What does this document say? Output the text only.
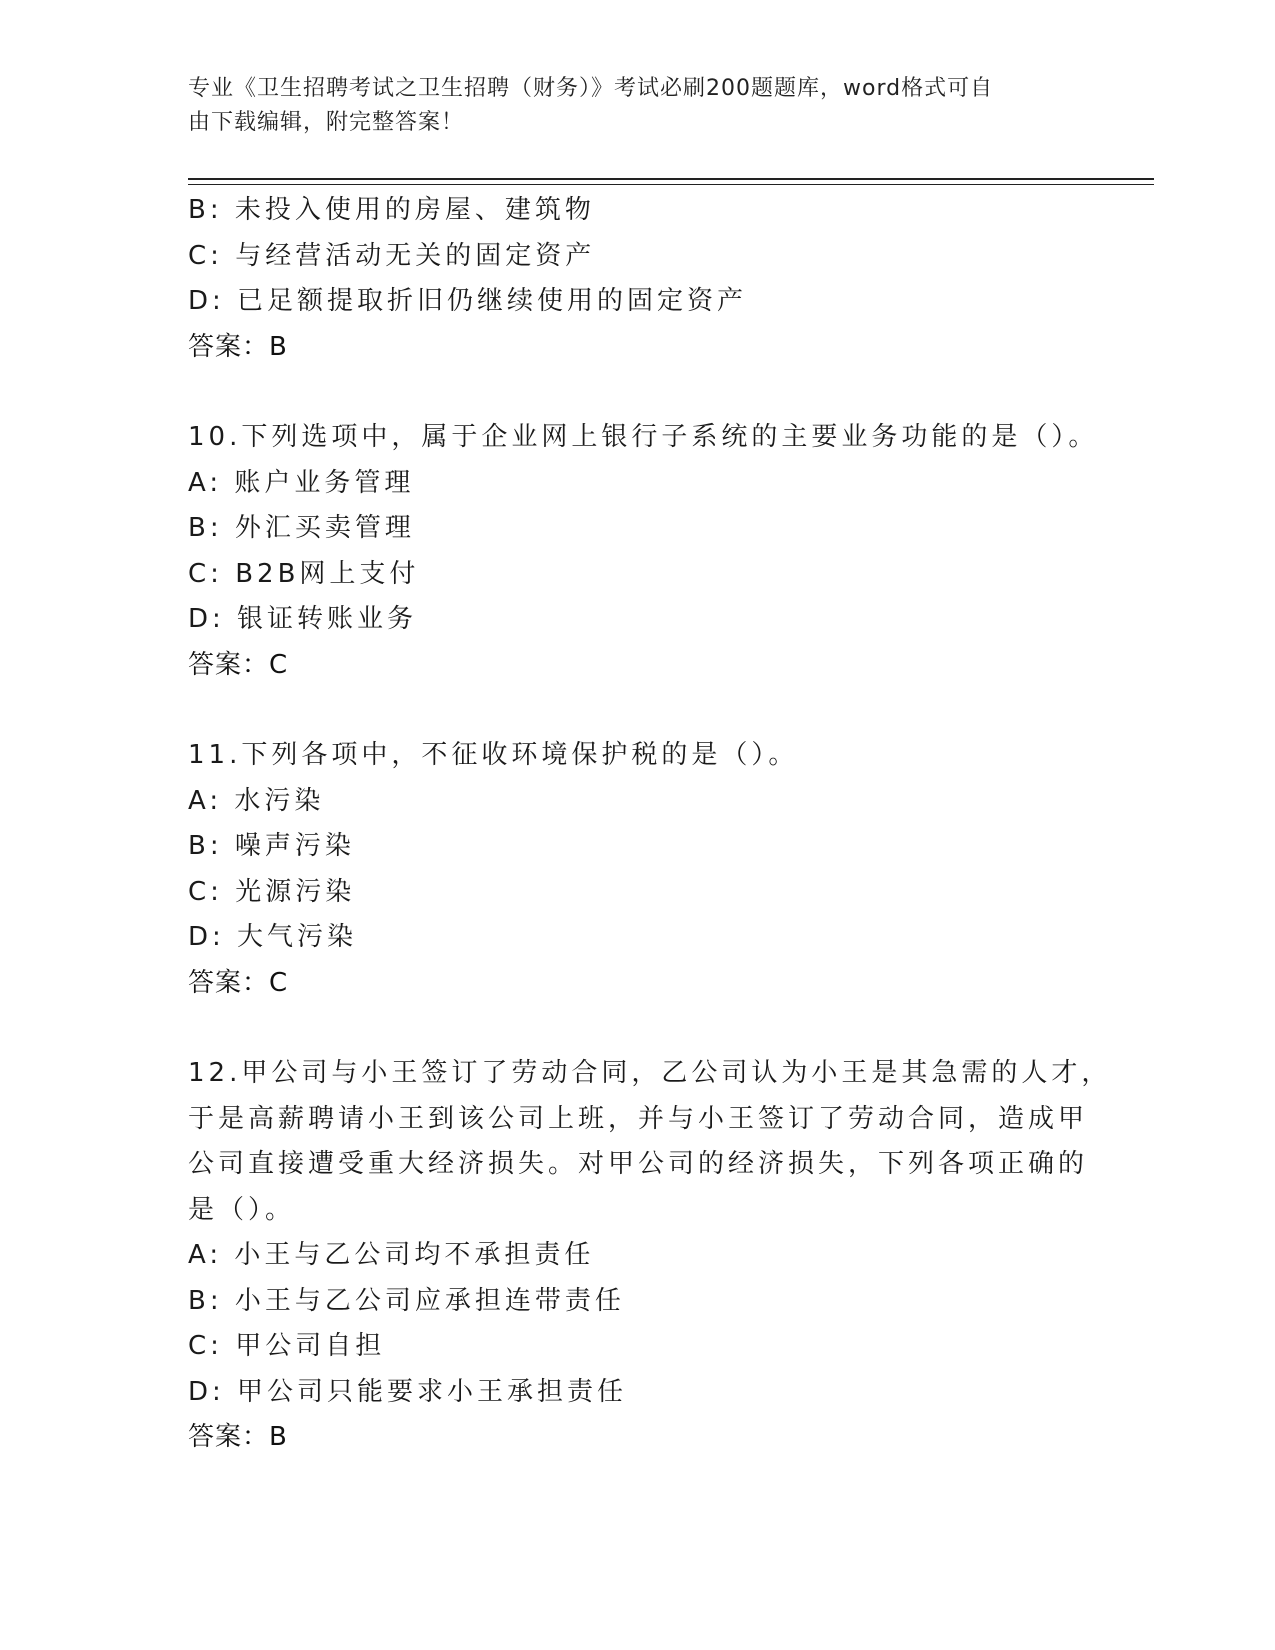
专业《卫生招聘考试之卫生招聘（财务）》考试必刷200题题库，word格式可自
由下载编辑，附完整答案！
B: 未投入使用的房屋、建筑物
C: 与经营活动无关的固定资产
D: 已足额提取折旧仍继续使用的固定资产
答案：B
10.下列选项中，属于企业网上银行子系统的主要业务功能的是（）。
A: 账户业务管理
B: 外汇买卖管理
C: B2B网上支付
D: 银证转账业务
答案：C
11.下列各项中，不征收环境保护税的是（）。
A: 水污染
B: 噪声污染
C: 光源污染
D: 大气污染
答案：C
12.甲公司与小王签订了劳动合同，乙公司认为小王是其急需的人才，
于是高薪聘请小王到该公司上班，并与小王签订了劳动合同，造成甲
公司直接遭受重大经济损失。对甲公司的经济损失，下列各项正确的
是（）。
A: 小王与乙公司均不承担责任
B: 小王与乙公司应承担连带责任
C: 甲公司自担
D: 甲公司只能要求小王承担责任
答案：B
